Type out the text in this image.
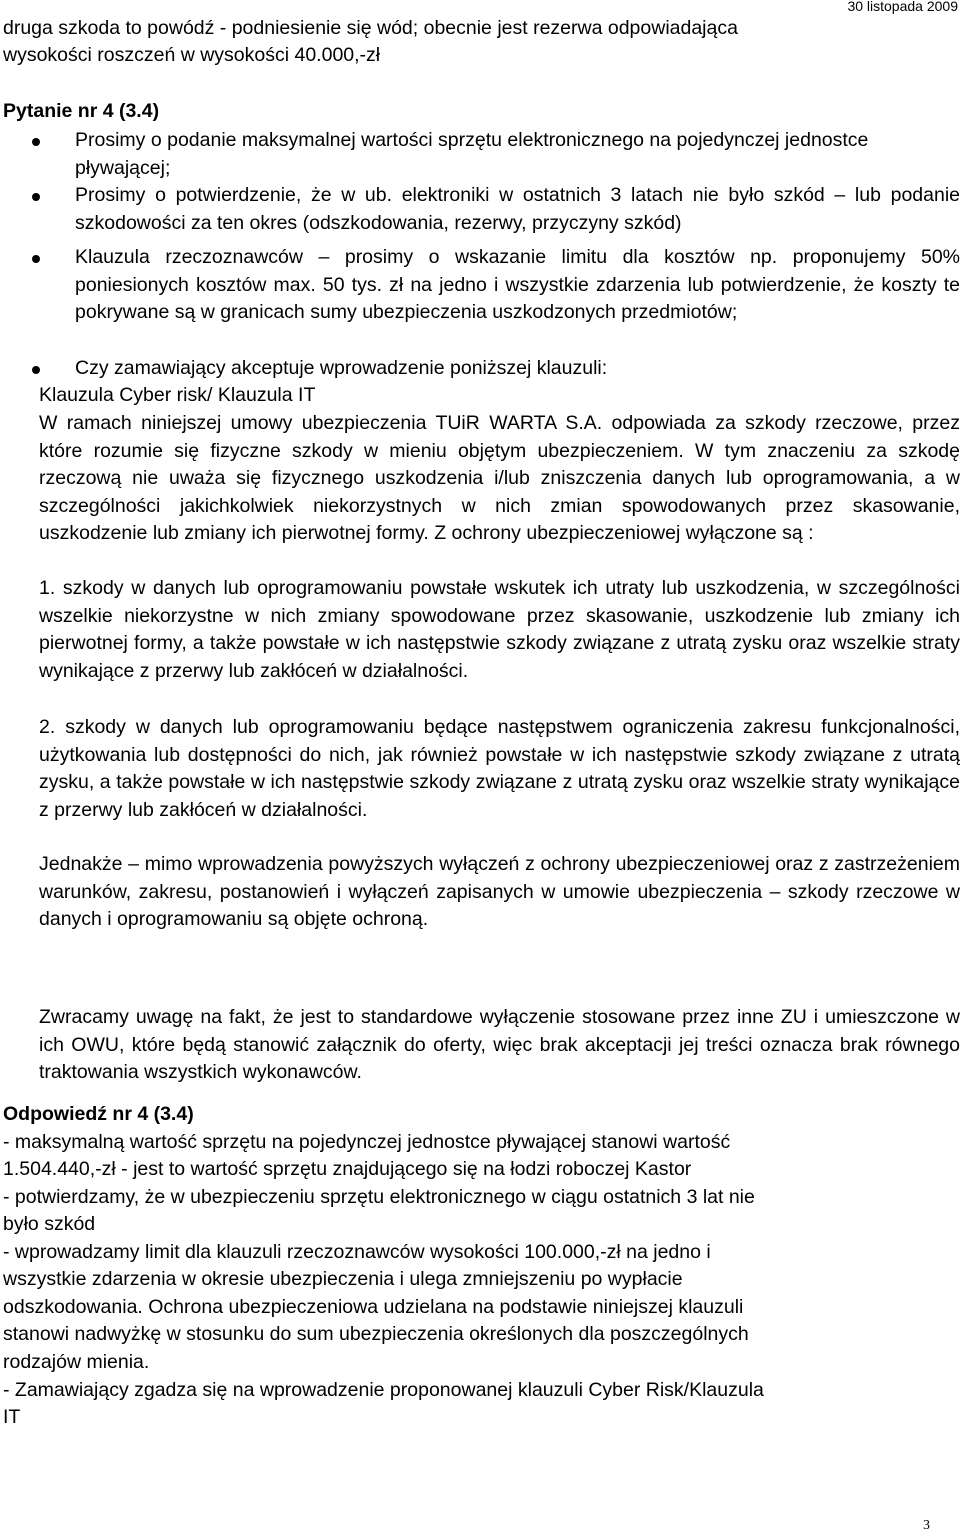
30 listopada 2009
druga szkoda to powódź - podniesienie się wód; obecnie jest rezerwa odpowiadająca
wysokości roszczeń w wysokości 40.000,-zł
Pytanie nr 4 (3.4)
Prosimy o podanie maksymalnej wartości sprzętu elektronicznego na pojedynczej jednostce pływającej;
Prosimy o potwierdzenie, że w ub. elektroniki w ostatnich 3 latach nie było szkód – lub podanie szkodowości za ten okres (odszkodowania, rezerwy, przyczyny szkód)
Klauzula rzeczoznawców – prosimy o wskazanie limitu dla kosztów np. proponujemy 50% poniesionych kosztów max. 50 tys. zł na jedno i wszystkie zdarzenia lub potwierdzenie, że koszty te pokrywane są w granicach sumy ubezpieczenia uszkodzonych przedmiotów;
Czy zamawiający akceptuje wprowadzenie poniższej klauzuli:
Klauzula Cyber risk/ Klauzula IT
W ramach niniejszej umowy ubezpieczenia TUiR WARTA S.A. odpowiada za szkody rzeczowe, przez które rozumie się fizyczne szkody w mieniu objętym ubezpieczeniem. W tym znaczeniu za szkodę rzeczową nie uważa się fizycznego uszkodzenia i/lub zniszczenia danych lub oprogramowania, a w szczególności jakichkolwiek niekorzystnych w nich zmian spowodowanych przez skasowanie, uszkodzenie lub zmiany ich pierwotnej formy. Z ochrony ubezpieczeniowej wyłączone są :
1. szkody w danych lub oprogramowaniu powstałe wskutek ich utraty lub uszkodzenia, w szczególności wszelkie niekorzystne w nich zmiany spowodowane przez skasowanie, uszkodzenie lub zmiany ich pierwotnej formy, a także powstałe w ich następstwie szkody związane z utratą zysku oraz wszelkie straty wynikające z przerwy lub zakłóceń w działalności.
2. szkody w danych lub oprogramowaniu będące następstwem ograniczenia zakresu funkcjonalności, użytkowania lub dostępności do nich, jak również powstałe w ich następstwie szkody związane z utratą zysku, a także powstałe w ich następstwie szkody związane z utratą zysku oraz wszelkie straty wynikające z przerwy lub zakłóceń w działalności.
Jednakże – mimo wprowadzenia powyższych wyłączeń z ochrony ubezpieczeniowej oraz z zastrzeżeniem warunków, zakresu, postanowień i wyłączeń zapisanych w umowie ubezpieczenia – szkody rzeczowe w danych i oprogramowaniu są objęte ochroną.
Zwracamy uwagę na fakt, że jest to standardowe wyłączenie stosowane przez inne ZU i umieszczone w ich OWU, które będą stanowić załącznik do oferty, więc brak akceptacji jej treści oznacza brak równego traktowania wszystkich wykonawców.
Odpowiedź nr 4 (3.4)
- maksymalną wartość sprzętu na pojedynczej jednostce pływającej stanowi wartość
1.504.440,-zł - jest to wartość sprzętu znajdującego się na łodzi roboczej Kastor
- potwierdzamy, że w ubezpieczeniu sprzętu elektronicznego w ciągu ostatnich 3 lat nie
było szkód
- wprowadzamy limit dla klauzuli rzeczoznawców wysokości 100.000,-zł na jedno i
wszystkie zdarzenia w okresie ubezpieczenia i ulega zmniejszeniu po wypłacie
odszkodowania. Ochrona ubezpieczeniowa udzielana na podstawie niniejszej klauzuli
stanowi nadwyżkę w stosunku do sum ubezpieczenia określonych dla poszczególnych
rodzajów mienia.
- Zamawiający zgadza się na wprowadzenie proponowanej klauzuli Cyber Risk/Klauzula
IT
3
